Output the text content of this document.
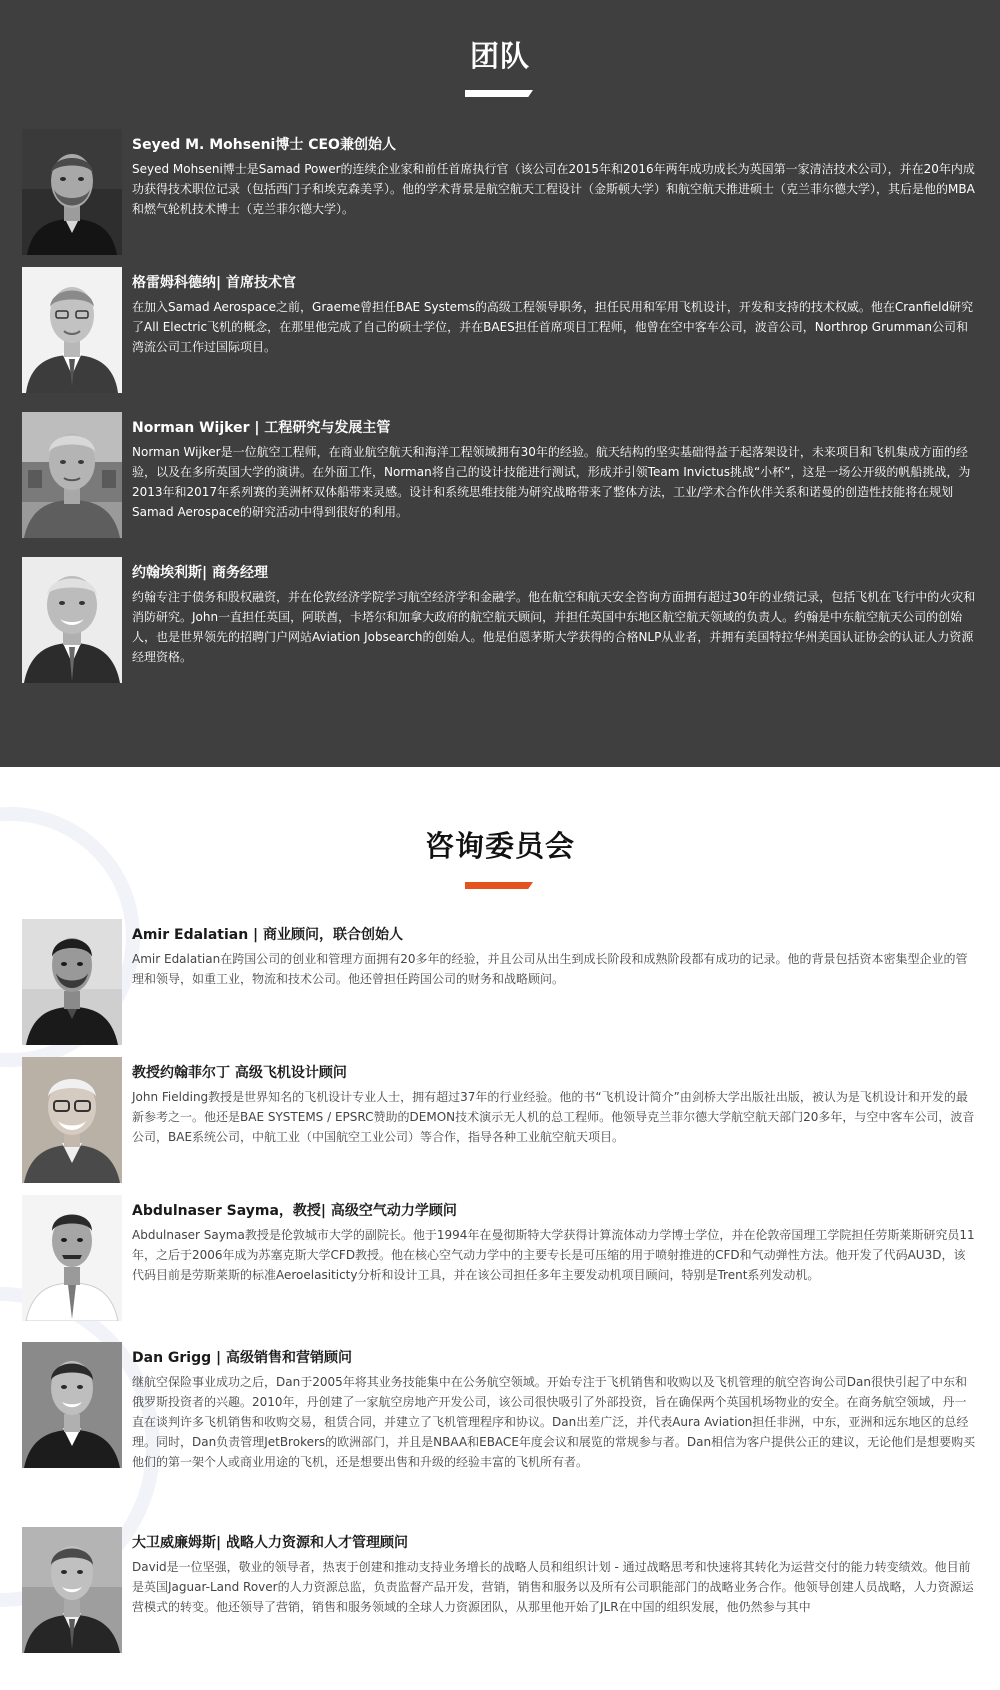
团队
Seyed M. Mohseni博士 CEO兼创始人
Seyed Mohseni博士是Samad Power的连续企业家和前任首席执行官（该公司在2015年和2016年两年成功成长为英国第一家清洁技术公司），并在20年内成功获得技术职位记录（包括西门子和埃克森美孚）。他的学术背景是航空航天工程设计（金斯顿大学）和航空航天推进硕士（克兰菲尔德大学），其后是他的MBA和燃气轮机技术博士（克兰菲尔德大学）。
格雷姆科德纳| 首席技术官
在加入Samad Aerospace之前，Graeme曾担任BAE Systems的高级工程领导职务，担任民用和军用飞机设计，开发和支持的技术权威。他在Cranfield研究了All Electric飞机的概念，在那里他完成了自己的硕士学位，并在BAES担任首席项目工程师，他曾在空中客车公司，波音公司，Northrop Grumman公司和湾流公司工作过国际项目。
Norman Wijker | 工程研究与发展主管
Norman Wijker是一位航空工程师，在商业航空航天和海洋工程领域拥有30年的经验。航天结构的坚实基础得益于起落架设计，未来项目和飞机集成方面的经验，以及在多所英国大学的演讲。在外面工作，Norman将自己的设计技能进行测试，形成并引领Team Invictus挑战“小杯”，这是一场公开级的帆船挑战，为2013年和2017年系列赛的美洲杯双体船带来灵感。设计和系统思维技能为研究战略带来了整体方法，工业/学术合作伙伴关系和诺曼的创造性技能将在规划Samad Aerospace的研究活动中得到很好的利用。
约翰埃利斯| 商务经理
约翰专注于债务和股权融资，并在伦敦经济学院学习航空经济学和金融学。他在航空和航天安全咨询方面拥有超过30年的业绩记录，包括飞机在飞行中的火灾和消防研究。John一直担任英国，阿联酋，卡塔尔和加拿大政府的航空航天顾问，并担任英国中东地区航空航天领域的负责人。约翰是中东航空航天公司的创始人，也是世界领先的招聘门户网站Aviation Jobsearch的创始人。他是伯恩茅斯大学获得的合格NLP从业者，并拥有美国特拉华州美国认证协会的认证人力资源经理资格。
咨询委员会
Amir Edalatian | 商业顾问，联合创始人
Amir Edalatian在跨国公司的创业和管理方面拥有20多年的经验，并且公司从出生到成长阶段和成熟阶段都有成功的记录。他的背景包括资本密集型企业的管理和领导，如重工业，物流和技术公司。他还曾担任跨国公司的财务和战略顾问。
教授约翰菲尔丁 高级飞机设计顾问
John Fielding教授是世界知名的飞机设计专业人士，拥有超过37年的行业经验。他的书“飞机设计简介”由剑桥大学出版社出版，被认为是飞机设计和开发的最新参考之一。他还是BAE SYSTEMS / EPSRC赞助的DEMON技术演示无人机的总工程师。他领导克兰菲尔德大学航空航天部门20多年，与空中客车公司，波音公司，BAE系统公司，中航工业（中国航空工业公司）等合作，指导各种工业航空航天项目。
Abdulnaser Sayma，教授| 高级空气动力学顾问
Abdulnaser Sayma教授是伦敦城市大学的副院长。他于1994年在曼彻斯特大学获得计算流体动力学博士学位，并在伦敦帝国理工学院担任劳斯莱斯研究员11年，之后于2006年成为苏塞克斯大学CFD教授。他在核心空气动力学中的主要专长是可压缩的用于喷射推进的CFD和气动弹性方法。他开发了代码AU3D，该代码目前是劳斯莱斯的标准Aeroelasiticty分析和设计工具，并在该公司担任多年主要发动机项目顾问，特别是Trent系列发动机。
Dan Grigg | 高级销售和营销顾问
继航空保险事业成功之后，Dan于2005年将其业务技能集中在公务航空领域。开始专注于飞机销售和收购以及飞机管理的航空咨询公司Dan很快引起了中东和俄罗斯投资者的兴趣。2010年，丹创建了一家航空房地产开发公司，该公司很快吸引了外部投资，旨在确保两个英国机场物业的安全。在商务航空领域，丹一直在谈判许多飞机销售和收购交易，租赁合同，并建立了飞机管理程序和协议。Dan出差广泛，并代表Aura Aviation担任非洲，中东，亚洲和远东地区的总经理。同时，Dan负责管理JetBrokers的欧洲部门，并且是NBAA和EBACE年度会议和展览的常规参与者。Dan相信为客户提供公正的建议，无论他们是想要购买他们的第一架个人或商业用途的飞机，还是想要出售和升级的经验丰富的飞机所有者。
大卫威廉姆斯| 战略人力资源和人才管理顾问
David是一位坚强，敬业的领导者，热衷于创建和推动支持业务增长的战略人员和组织计划 - 通过战略思考和快速将其转化为运营交付的能力转变绩效。他目前是英国Jaguar-Land Rover的人力资源总监，负责监督产品开发，营销，销售和服务以及所有公司职能部门的战略业务合作。他领导创建人员战略，人力资源运营模式的转变。他还领导了营销，销售和服务领域的全球人力资源团队，从那里他开始了JLR在中国的组织发展，他仍然参与其中
